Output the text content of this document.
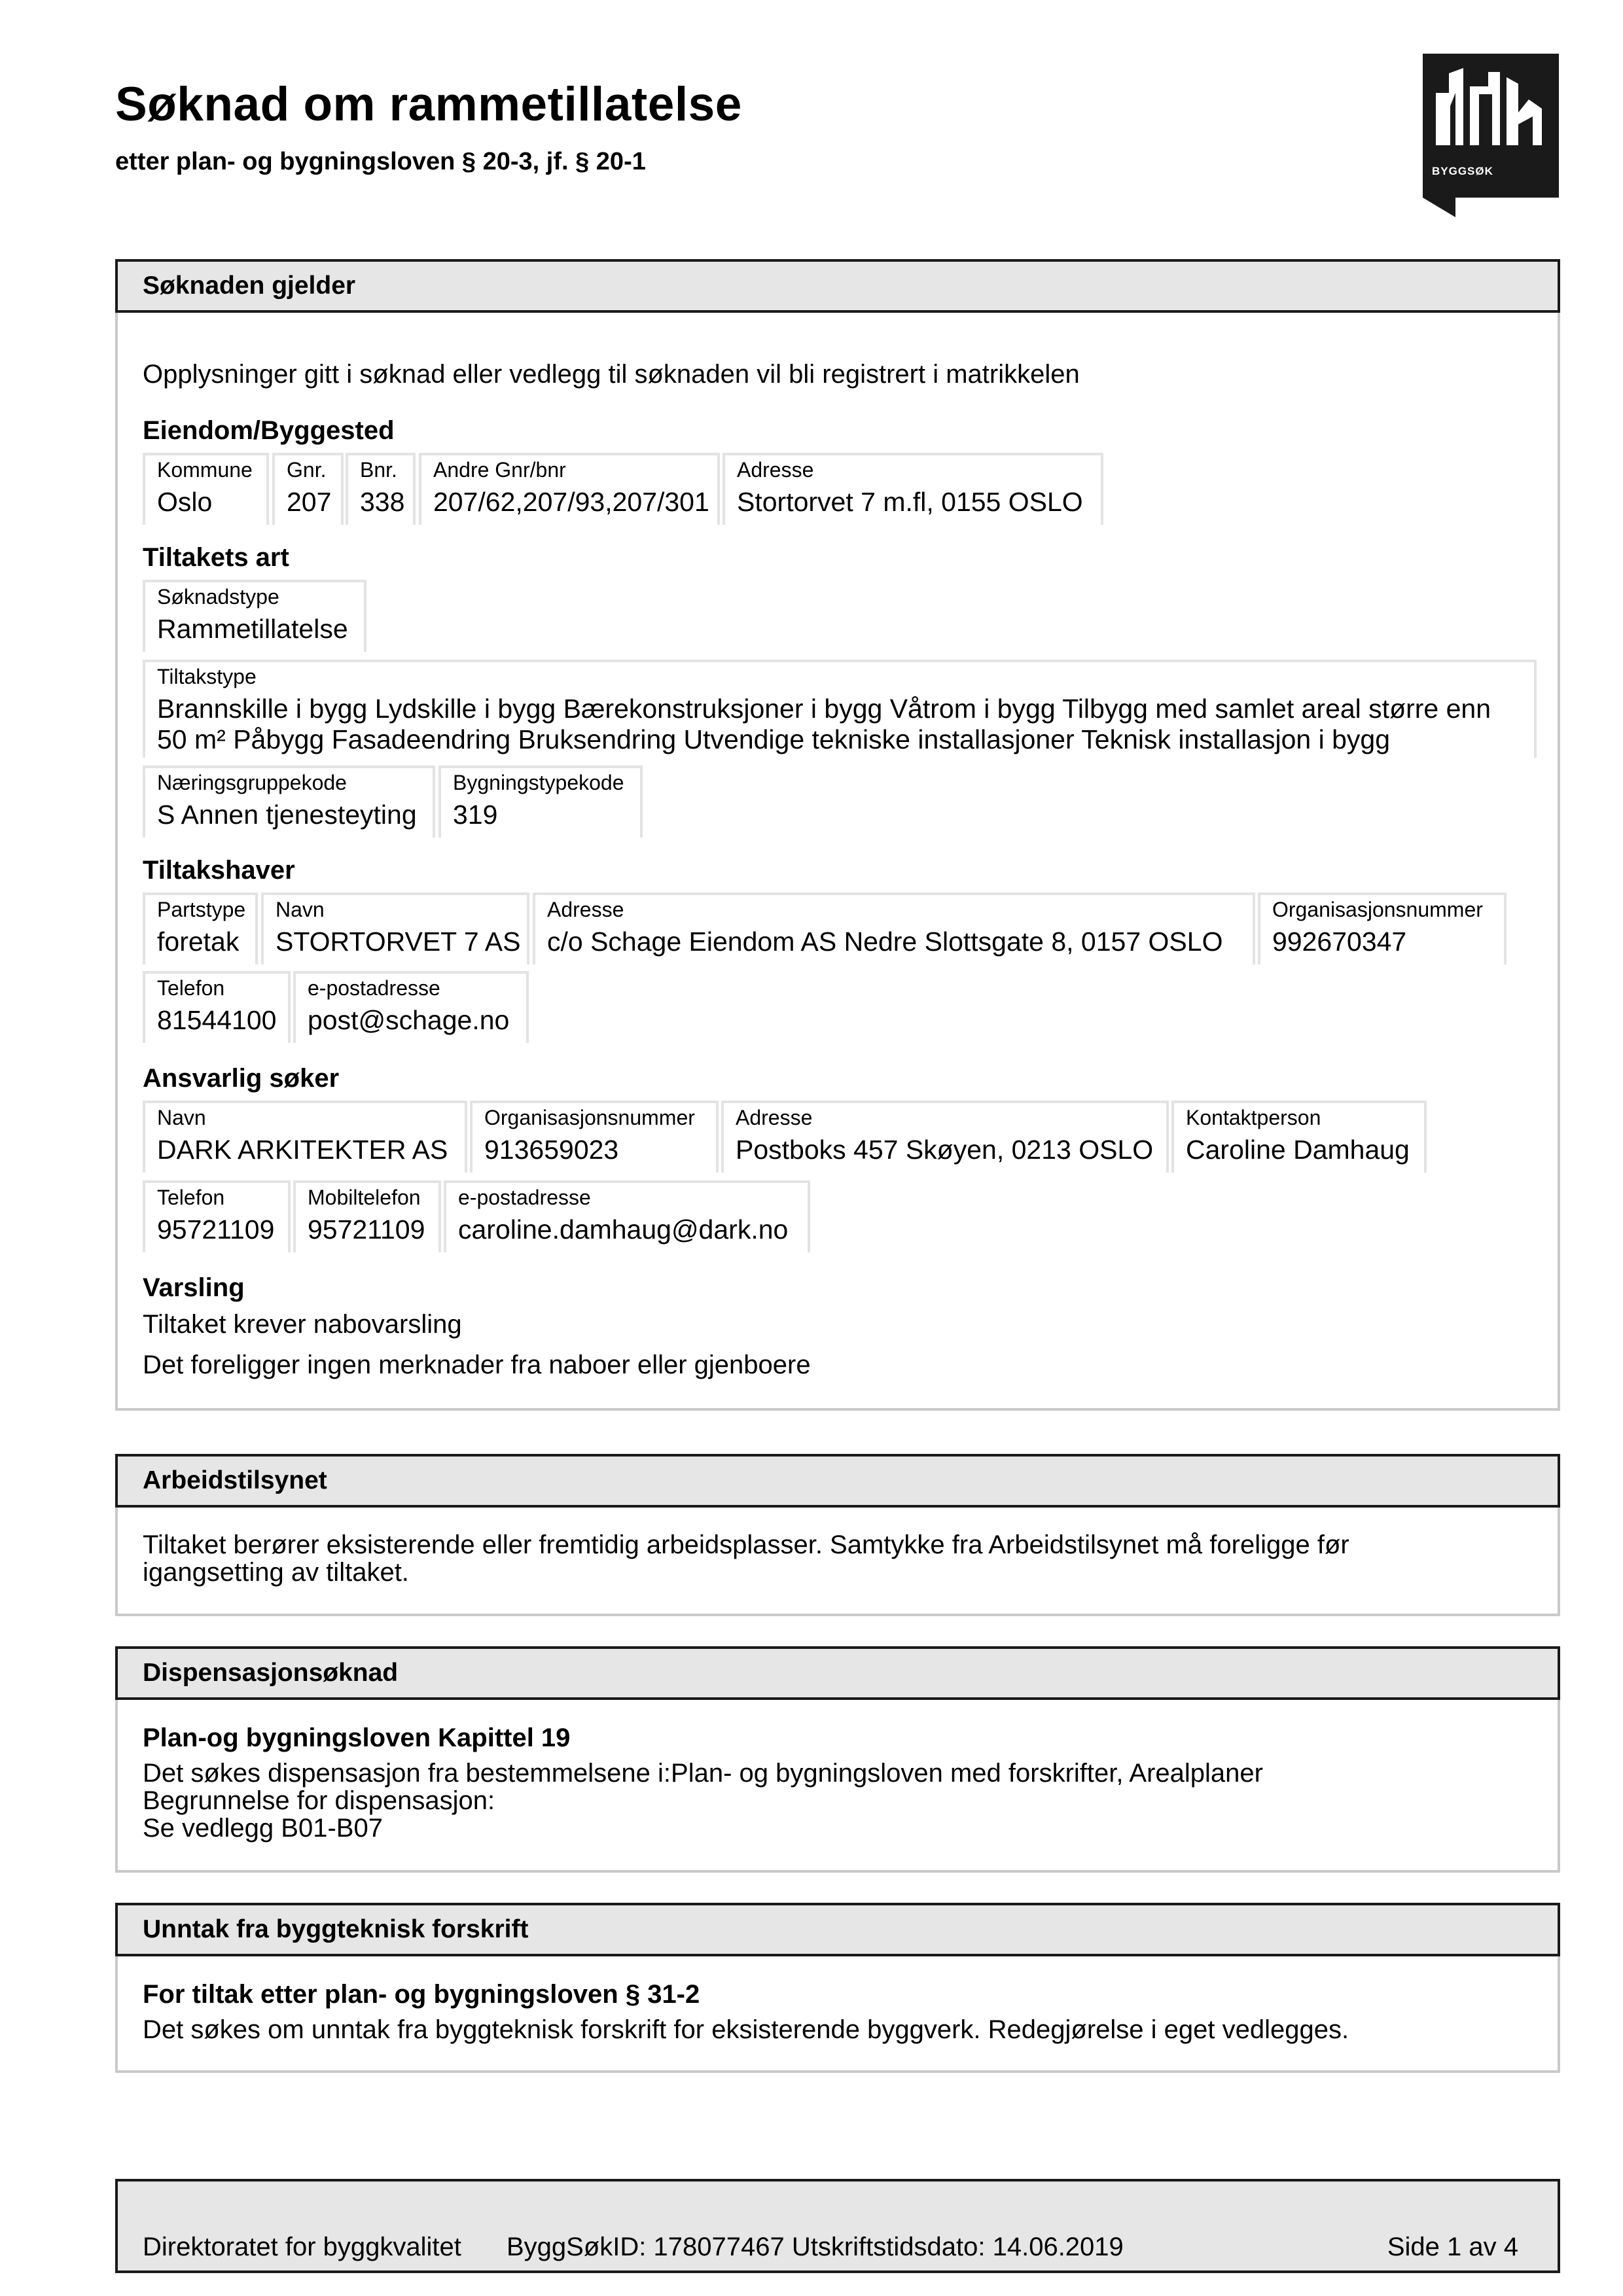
Søknad om rammetillatelse
etter plan- og bygningsloven § 20-3, jf. § 20-1	BYGGSØK
Søknaden gjelder
Opplysninger gitt i søknad eller vedlegg til søknaden vil bli registrert i matrikkelen
Eiendom/Byggested
Kommune
Oslo
Gnr.
207
Bnr.
338
Andre Gnr/bnr
207/62,207/93,207/301
Adresse
Stortorvet 7 m.fl, 0155 OSLO
Tiltakets art
Søknadstype
Rammetillatelse
Tiltakstype
Brannskille i bygg Lydskille i bygg Bærekonstruksjoner i bygg Våtrom i bygg Tilbygg med samlet areal større enn 50 m² Påbygg Fasadeendring Bruksendring Utvendige tekniske installasjoner Teknisk installasjon i bygg
Næringsgruppekode
S Annen tjenesteyting
Bygningstypekode
319
Tiltakshaver
Partstype
foretak
Navn
STORTORVET 7 AS
Adresse
c/o Schage Eiendom AS Nedre Slottsgate 8, 0157 OSLO
Organisasjonsnummer
992670347
Telefon
81544100
e-postadresse
post@schage.no
Ansvarlig søker
Navn
DARK ARKITEKTER AS
Organisasjonsnummer
913659023
Adresse
Postboks 457 Skøyen, 0213 OSLO
Kontaktperson
Caroline Damhaug
Telefon
95721109
Mobiltelefon
95721109
e-postadresse
caroline.damhaug@dark.no
Varsling
Tiltaket krever nabovarsling
Det foreligger ingen merknader fra naboer eller gjenboere
Arbeidstilsynet
Tiltaket berører eksisterende eller fremtidig arbeidsplasser. Samtykke fra Arbeidstilsynet må foreligge før igangsetting av tiltaket.
Dispensasjonsøknad
Plan-og bygningsloven Kapittel 19
Det søkes dispensasjon fra bestemmelsene i:Plan- og bygningsloven med forskrifter, Arealplaner
Begrunnelse for dispensasjon:
Se vedlegg B01-B07
Unntak fra byggteknisk forskrift
For tiltak etter plan- og bygningsloven § 31-2
Det søkes om unntak fra byggteknisk forskrift for eksisterende byggverk. Redegjørelse i eget vedlegges.
Direktoratet for byggkvalitet ByggSøkID: 178077467 Utskriftstidsdato: 14.06.2019	Side 1 av 4
